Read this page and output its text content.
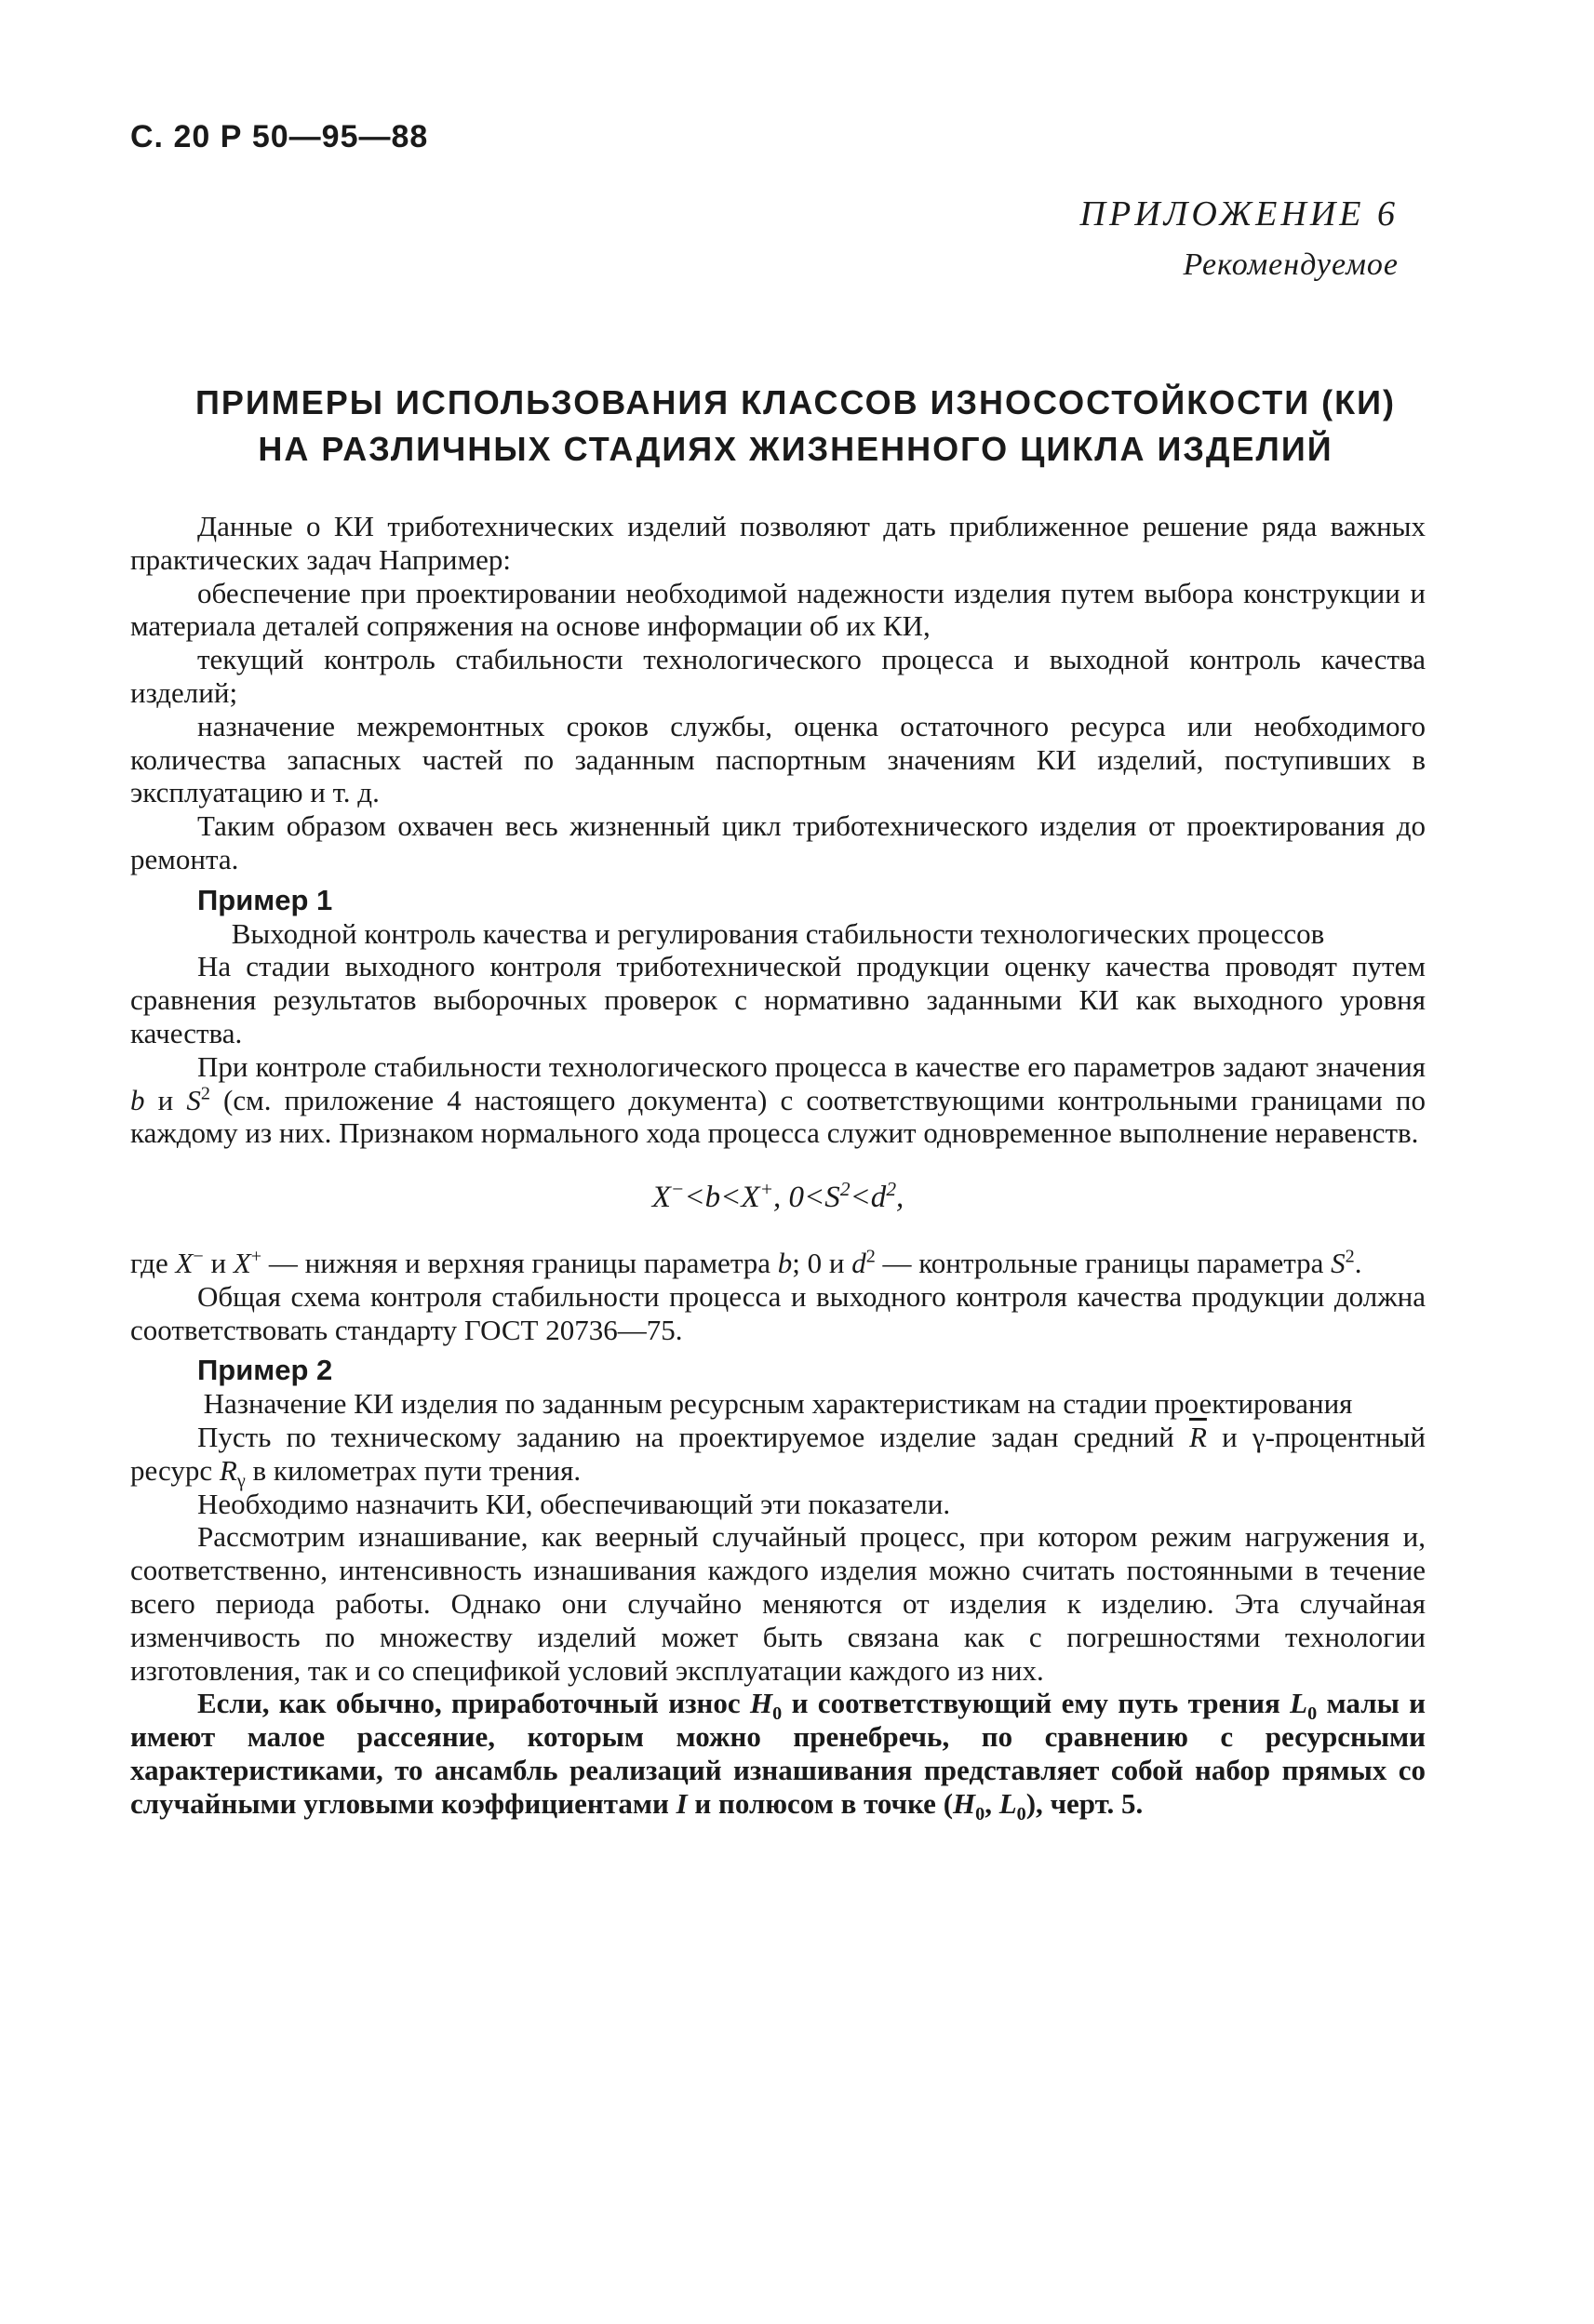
С. 20 Р 50—95—88
ПРИЛОЖЕНИЕ 6
Рекомендуемое
ПРИМЕРЫ ИСПОЛЬЗОВАНИЯ КЛАССОВ ИЗНОСОСТОЙКОСТИ (КИ)
НА РАЗЛИЧНЫХ СТАДИЯХ ЖИЗНЕННОГО ЦИКЛА ИЗДЕЛИЙ

Данные о КИ триботехнических изделий позволяют дать приближенное решение ряда важных практических задач Например:

обеспечение при проектировании необходимой надежности изделия путем выбора конструкции и материала деталей сопряжения на основе информации об их КИ,

текущий контроль стабильности технологического процесса и выходной контроль качества изделий;

назначение межремонтных сроков службы, оценка остаточного ресурса или необходимого количества запасных частей по заданным паспортным значениям КИ изделий, поступивших в эксплуатацию и т. д.

Таким образом охвачен весь жизненный цикл триботехнического изделия от проектирования до ремонта.

Пример 1

Выходной контроль качества и регулирования стабильности технологических процессов

На стадии выходного контроля триботехнической продукции оценку качества проводят путем сравнения результатов выборочных проверок с нормативно заданными КИ как выходного уровня качества.

При контроле стабильности технологического процесса в качестве его параметров задают значения b и $S^2$ (см. приложение 4 настоящего документа) с соответствующими контрольными границами по каждому из них. Признаком нормального хода процесса служит одновременное выполнение неравенств.

X−<b<X+, $0<S^2<d^2$,

где X− и X+ — нижняя и верхняя границы параметра b; 0 и $d^2$ — контрольные границы параметра $S^2$.

Общая схема контроля стабильности процесса и выходного контроля качества продукции должна соответствовать стандарту ГОСТ 20736—75.

Пример 2

Назначение КИ изделия по заданным ресурсным характеристикам на стадии проектирования

Пусть по техническому заданию на проектируемое изделие задан средний $\overline{R}$ и γ-процентный ресурс $R_\gamma$ в километрах пути трения.

Необходимо назначить КИ, обеспечивающий эти показатели.

Рассмотрим изнашивание, как веерный случайный процесс, при котором режим нагружения и, соответственно, интенсивность изнашивания каждого изделия можно считать постоянными в течение всего периода работы. Однако они случайно меняются от изделия к изделию. Эта случайная изменчивость по множеству изделий может быть связана как с погрешностями технологии изготовления, так и со спецификой условий эксплуатации каждого из них.

Если, как обычно, приработочный износ $H_0$ и соответствующий ему путь трения $L_0$ малы и имеют малое рассеяние, которым можно пренебречь, по сравнению с ресурсными характеристиками, то ансамбль реализаций изнашивания представляет собой набор прямых со случайными угловыми коэффициентами I и полюсом в точке ($H_0$, $L_0$), черт. 5.
